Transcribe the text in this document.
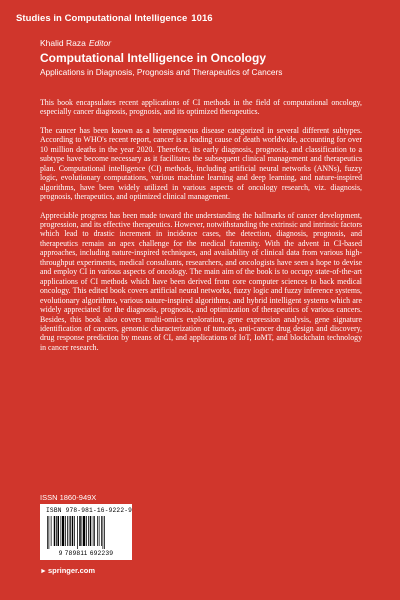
Studies in Computational Intelligence 1016
Khalid Raza Editor
Computational Intelligence in Oncology
Applications in Diagnosis, Prognosis and Therapeutics of Cancers

This book encapsulates recent applications of CI methods in the field of computational oncology, especially cancer diagnosis, prognosis, and its optimized therapeutics.

The cancer has been known as a heterogeneous disease categorized in several different subtypes. According to WHO's recent report, cancer is a leading cause of death worldwide, accounting for over 10 million deaths in the year 2020. Therefore, its early diagnosis, prognosis, and classification to a subtype have become necessary as it facilitates the subsequent clinical management and therapeutics plan. Computational intelligence (CI) methods, including artificial neural networks (ANNs), fuzzy logic, evolutionary computations, various machine learning and deep learning, and nature-inspired algorithms, have been widely utilized in various aspects of oncology research, viz. diagnosis, prognosis, therapeutics, and optimized clinical management.

Appreciable progress has been made toward the understanding the hallmarks of cancer development, progression, and its effective therapeutics. However, notwithstanding the extrinsic and intrinsic factors which lead to drastic increment in incidence cases, the detection, diagnosis, prognosis, and therapeutics remain an apex challenge for the medical fraternity. With the advent in CI-based approaches, including nature-inspired techniques, and availability of clinical data from various high-throughput experiments, medical consultants, researchers, and oncologists have seen a hope to devise and employ CI in various aspects of oncology. The main aim of the book is to occupy state-of-the-art applications of CI methods which have been derived from core computer sciences to back medical oncology. This edited book covers artificial neural networks, fuzzy logic and fuzzy inference systems, evolutionary algorithms, various nature-inspired algorithms, and hybrid intelligent systems which are widely appreciated for the diagnosis, prognosis, and optimization of therapeutics of various cancers. Besides, this book also covers multi-omics exploration, gene expression analysis, gene signature identification of cancers, genomic characterization of tumors, anti-cancer drug design and discovery, drug response prediction by means of CI, and applications of IoT, IoMT, and blockchain technology in cancer research.

ISSN 1860-949X
ISBN 978-981-16-9222-9
9 789811 692239
►springer.com
